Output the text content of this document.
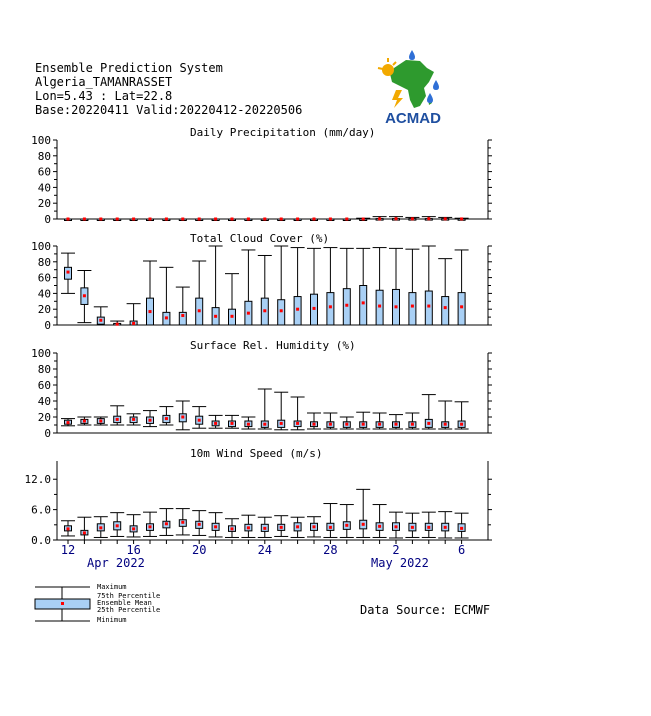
Ensemble Prediction System
Algeria_TAMANRASSET
Lon=5.43 : Lat=22.8
Base:20220411 Valid:20220412-20220506	ACMAD
0
20
40
60
80
100
Daily Precipitation (mm/day)
0
20
40
60
80
100
Total Cloud Cover (%)
0
20
40
60
80
100
Surface Rel. Humidity (%)
0.0
6.0
12.0
10m Wind Speed (m/s)
12	16	20	24	28	2	6
Apr 2022	May 2022
Maximum
75th Percentile
Ensemble Mean
25th Percentile
Minimum
Data Source: ECMWF
